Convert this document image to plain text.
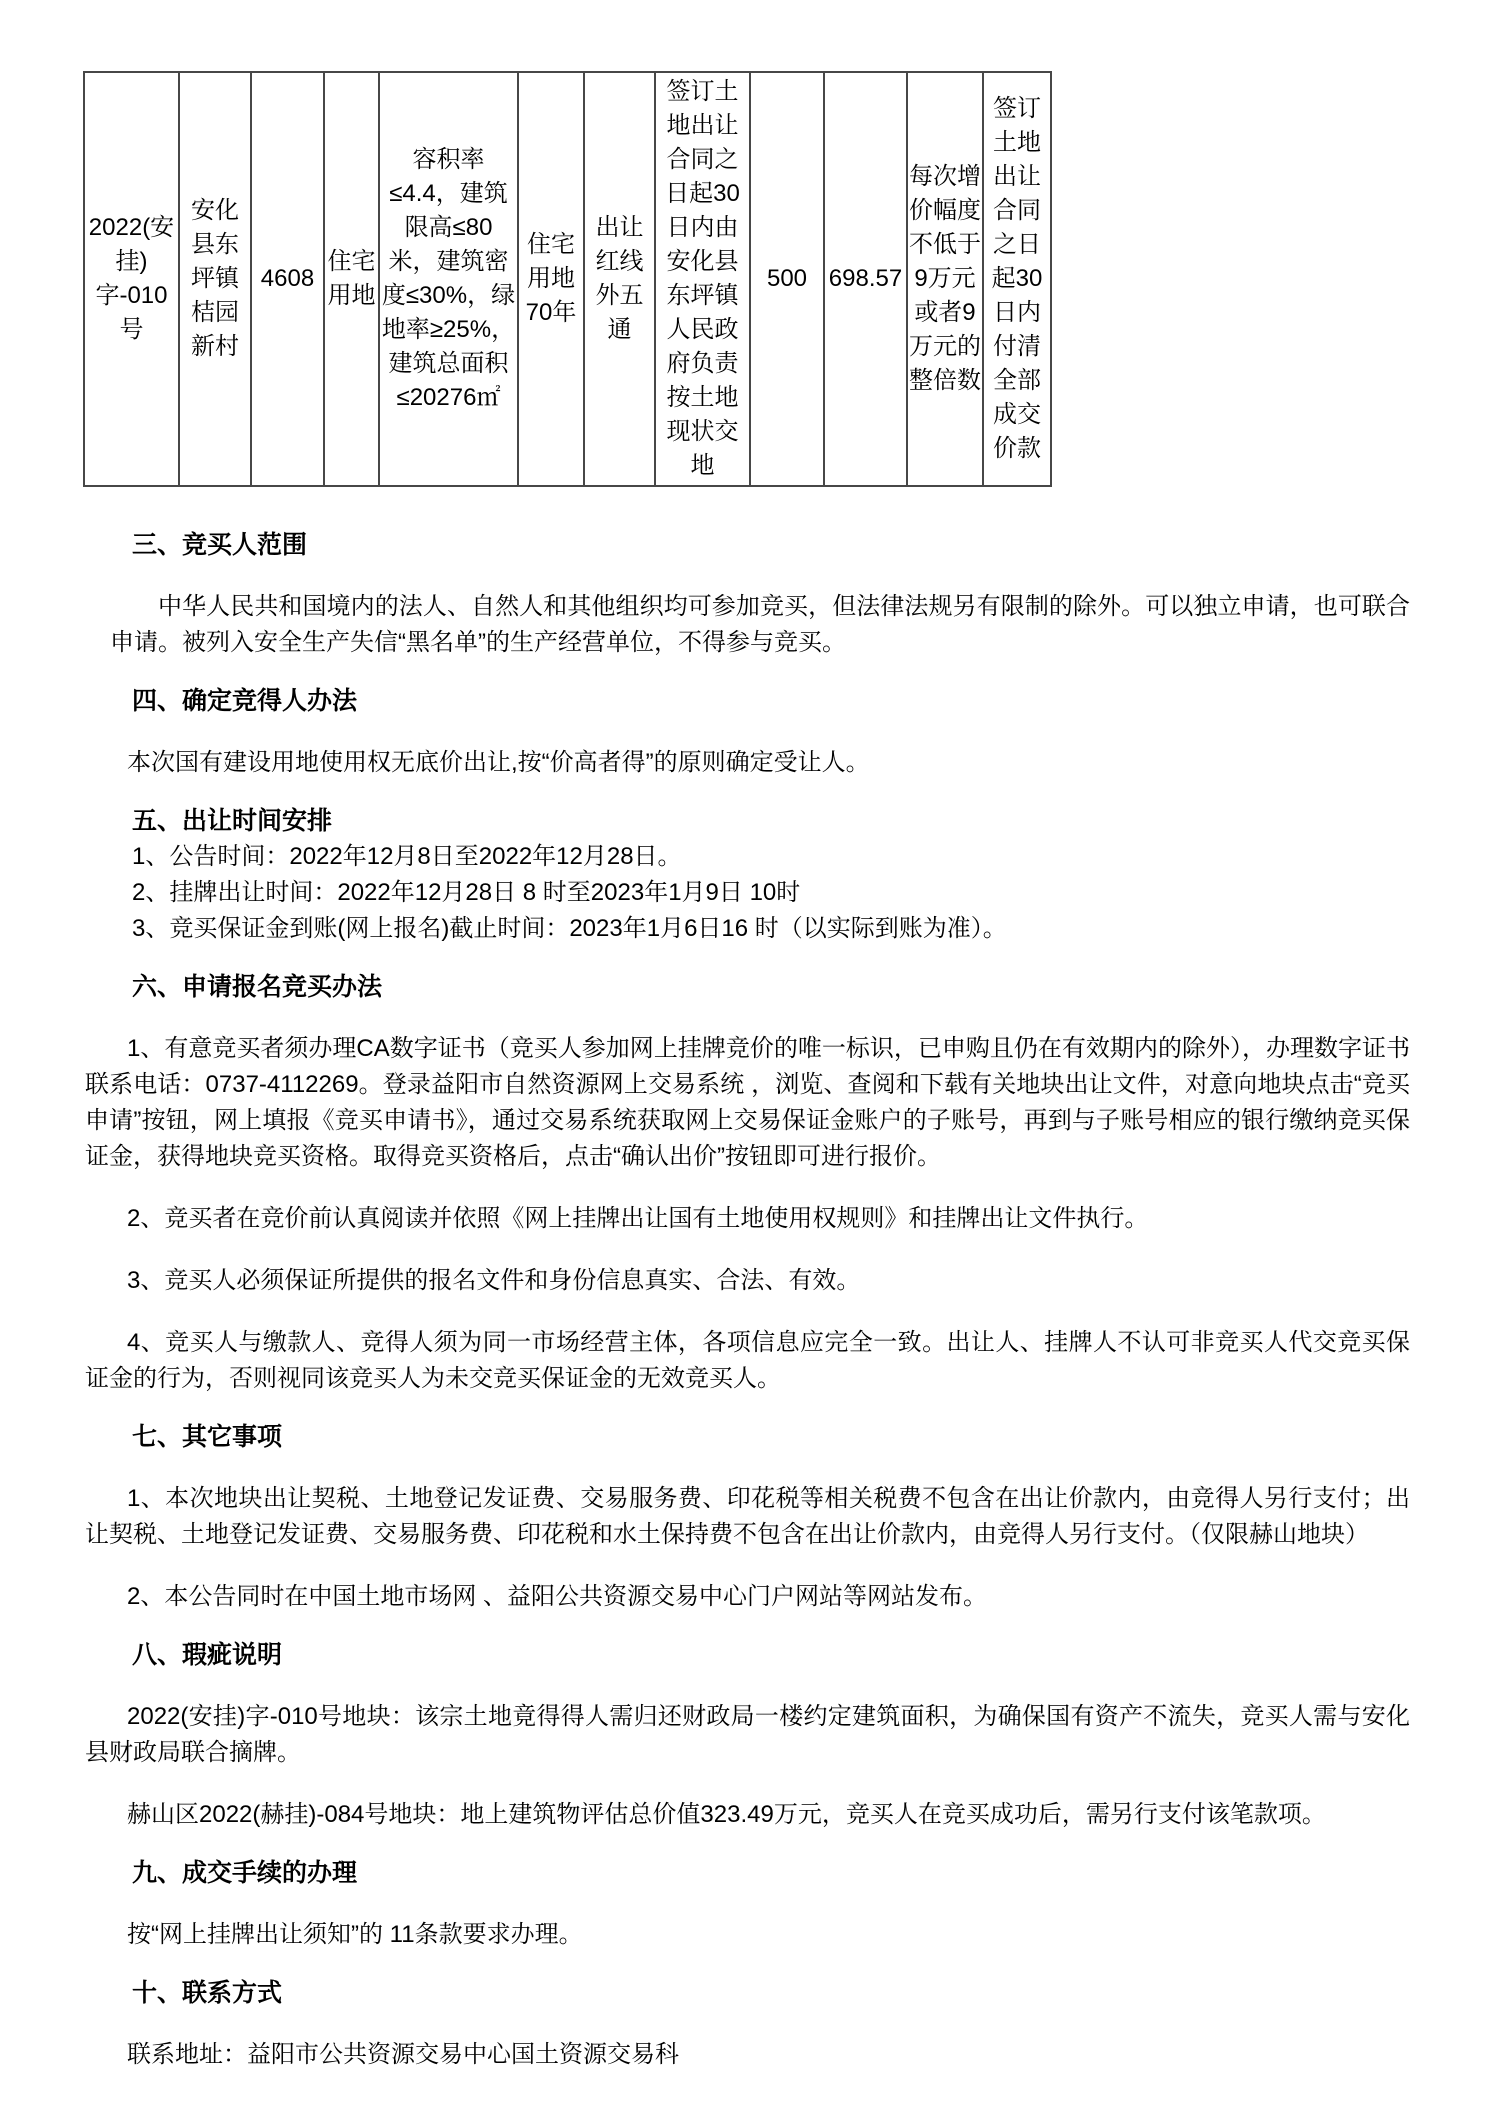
2022(安挂)字-010号	安化县东坪镇桔园新村	4608	住宅用地	容积率≤4.4，建筑限高≤80米，建筑密度≤30%，绿地率≥25%，建筑总面积≤20276㎡	住宅用地70年	出让红线外五通	签订土地出让合同之日起30日内由安化县东坪镇人民政府负责按土地现状交地	500	698.57	每次增价幅度不低于9万元或者9万元的整倍数	签订土地出让合同之日起30日内付清全部成交价款
三、竞买人范围

中华人民共和国境内的法人、自然人和其他组织均可参加竞买，但法律法规另有限制的除外。可以独立申请，也可联合申请。被列入安全生产失信“黑名单”的生产经营单位，不得参与竞买。

四、确定竞得人办法

本次国有建设用地使用权无底价出让,按“价高者得”的原则确定受让人。

五、出让时间安排

1、公告时间：2022年12月8日至2022年12月28日。

2、挂牌出让时间：2022年12月28日 8 时至2023年1月9日 10时

3、竞买保证金到账(网上报名)截止时间：2023年1月6日16 时（以实际到账为准）。

六、申请报名竞买办法

1、有意竞买者须办理CA数字证书（竞买人参加网上挂牌竞价的唯一标识，已申购且仍在有效期内的除外），办理数字证书联系电话：0737-4112269。登录益阳市自然资源网上交易系统 ，浏览、查阅和下载有关地块出让文件，对意向地块点击“竞买申请”按钮，网上填报《竞买申请书》，通过交易系统获取网上交易保证金账户的子账号，再到与子账号相应的银行缴纳竞买保证金，获得地块竞买资格。取得竞买资格后，点击“确认出价”按钮即可进行报价。

2、竞买者在竞价前认真阅读并依照《网上挂牌出让国有土地使用权规则》和挂牌出让文件执行。

3、竞买人必须保证所提供的报名文件和身份信息真实、合法、有效。

4、竞买人与缴款人、竞得人须为同一市场经营主体，各项信息应完全一致。出让人、挂牌人不认可非竞买人代交竞买保证金的行为，否则视同该竞买人为未交竞买保证金的无效竞买人。

七、其它事项

1、本次地块出让契税、土地登记发证费、交易服务费、印花税等相关税费不包含在出让价款内，由竞得人另行支付；出让契税、土地登记发证费、交易服务费、印花税和水土保持费不包含在出让价款内，由竞得人另行支付。（仅限赫山地块）

2、本公告同时在中国土地市场网 、益阳公共资源交易中心门户网站等网站发布。

八、瑕疵说明

2022(安挂)字-010号地块：该宗土地竟得得人需归还财政局一楼约定建筑面积，为确保国有资产不流失，竞买人需与安化县财政局联合摘牌。

赫山区2022(赫挂)-084号地块：地上建筑物评估总价值323.49万元，竞买人在竞买成功后，需另行支付该笔款项。

九、成交手续的办理

按“网上挂牌出让须知”的 11条款要求办理。

十、联系方式

联系地址：益阳市公共资源交易中心国土资源交易科
